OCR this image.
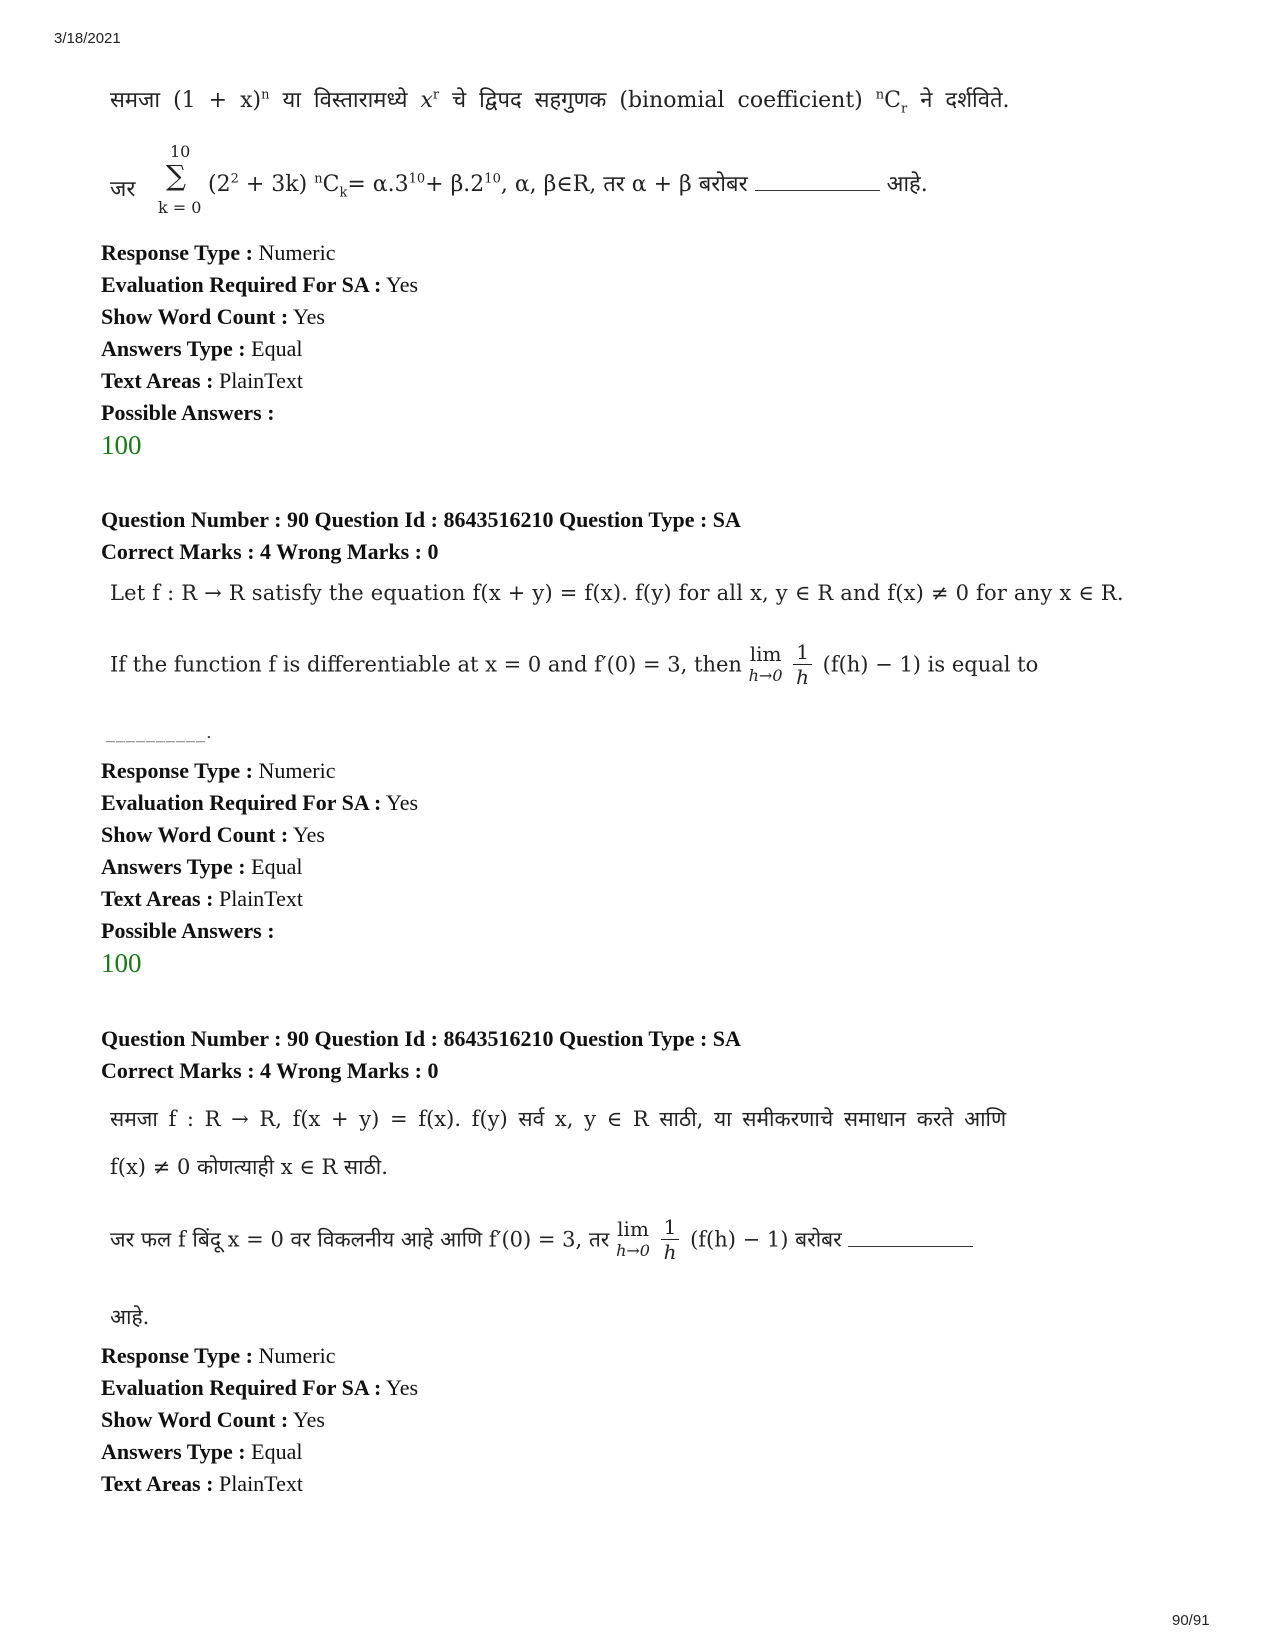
3/18/2021
90/91
समजा $(1 + x)^n$ या विस्तारामध्ये $x^r$ चे द्विपद सहगुणक (binomial coefficient) $^nC_r$ ने दर्शविते.
जर
10
∑
k = 0
$(2^2 + 3k)$ $^nC_k= \alpha.3^{10}+ \beta.2^{10}$, α, β∈R, तर α + β बरोबर	आहे.
Response Type : Numeric
Evaluation Required For SA : Yes
Show Word Count : Yes
Answers Type : Equal
Text Areas : PlainText
Possible Answers :
100
Question Number : 90 Question Id : 8643516210 Question Type : SA
Correct Marks : 4 Wrong Marks : 0
Let f : R → R satisfy the equation f(x + y) = f(x). f(y) for all x, y ∈ R and f(x) ≠ 0 for any x ∈ R.
If the function f is differentiable at x = 0 and f′(0) = 3, then lim
h→0
$\frac{1}{h} (f(h) - 1)$ is equal to
__________.
Response Type : Numeric
Evaluation Required For SA : Yes
Show Word Count : Yes
Answers Type : Equal
Text Areas : PlainText
Possible Answers :
100
Question Number : 90 Question Id : 8643516210 Question Type : SA
Correct Marks : 4 Wrong Marks : 0
समजा f : R → R, f(x + y) = f(x). f(y) सर्व x, y ∈ R साठी, या समीकरणाचे समाधान करते आणि
f(x) ≠ 0 कोणत्याही x ∈ R साठी.
जर फल f बिंदू x = 0 वर विकलनीय आहे आणि f′(0) = 3, तर lim
h→0
$\frac{1}{h} (f(h) - 1)$ बरोबर
आहे.
Response Type : Numeric
Evaluation Required For SA : Yes
Show Word Count : Yes
Answers Type : Equal
Text Areas : PlainText
